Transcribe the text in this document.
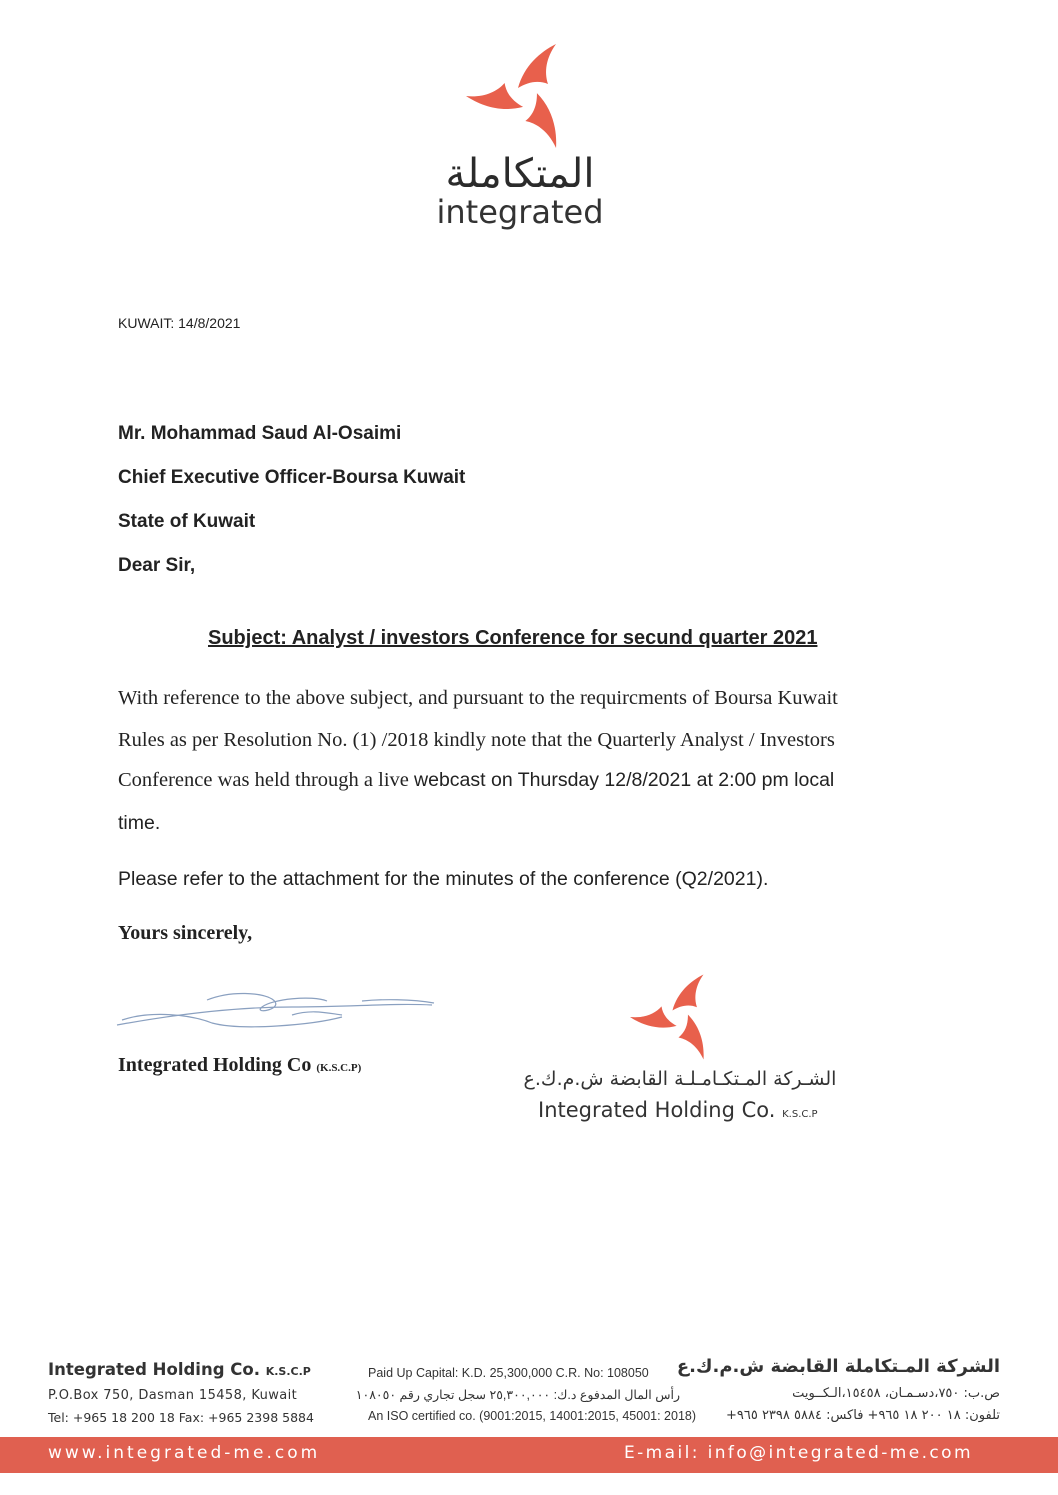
المتكاملة
integrated
KUWAIT: 14/8/2021
Mr. Mohammad Saud Al-Osaimi
Chief Executive Officer-Boursa Kuwait
State of Kuwait
Dear Sir,
Subject: Analyst / investors Conference for secund quarter 2021
With reference to the above subject, and pursuant to the requircments of Boursa Kuwait
Rules as per Resolution No. (1) /2018 kindly note that the Quarterly Analyst / Investors
Conference was held through a live webcast on Thursday 12/8/2021 at 2:00 pm local
time.
Please refer to the attachment for the minutes of the conference (Q2/2021).
Yours sincerely,
Integrated Holding Co (K.S.C.P)	الشـركة المـتكـامـلـة القابضة ش.م.ك.ع
Integrated Holding Co. K.S.C.P
Integrated Holding Co. K.S.C.P
P.O.Box 750, Dasman 15458, Kuwait
Tel: +965 18 200 18 Fax: +965 2398 5884
Paid Up Capital: K.D. 25,300,000 C.R. No: 108050
رأس المال المدفوع د.ك: ٢٥,٣٠٠,٠٠٠ سجل تجاري رقم ١٠٨٠٥٠
An ISO certified co. (9001:2015, 14001:2015, 45001: 2018)
الشركة المـتكاملة القابضة ش.م.ك.ع
ص.ب: ٧٥٠،دسـمـان، ١٥٤٥٨،الـكــويت
تلفون: ١٨ ٢٠٠ ١٨ ٩٦٥+ فاكس: ٥٨٨٤ ٢٣٩٨ ٩٦٥+
www.integrated-me.com	E-mail: info@integrated-me.com
